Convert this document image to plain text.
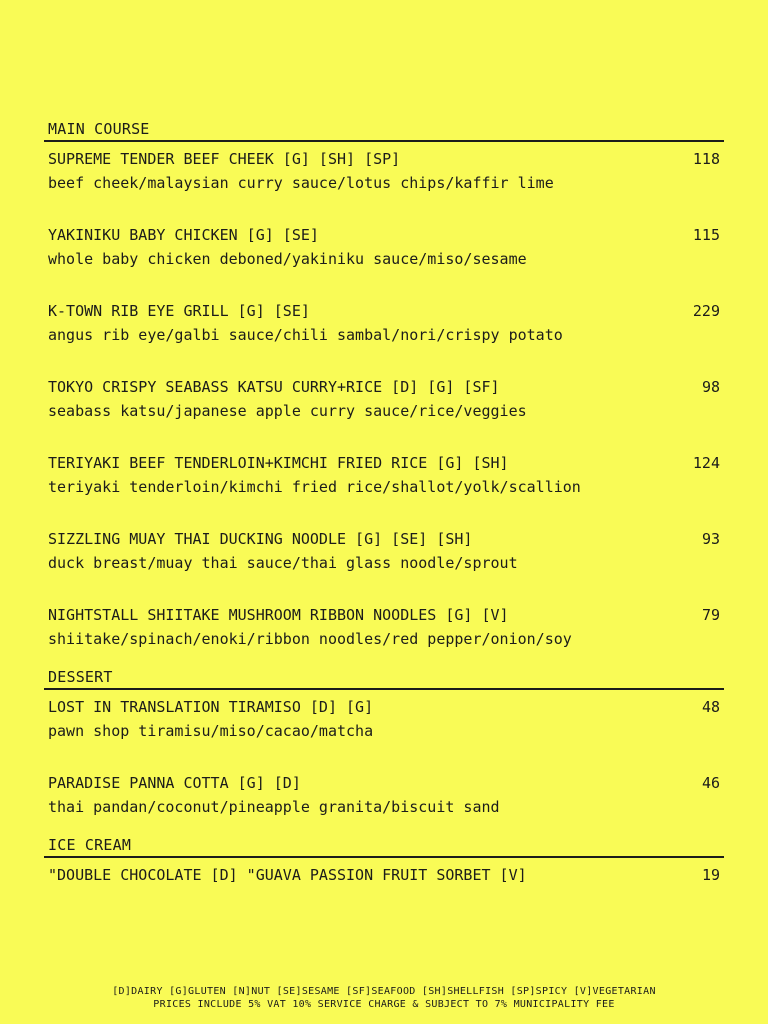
MAIN COURSE
SUPREME TENDER BEEF CHEEK [G] [SH] [SP]
beef cheek/malaysian curry sauce/lotus chips/kaffir lime
118
YAKINIKU BABY CHICKEN [G] [SE]
whole baby chicken deboned/yakiniku sauce/miso/sesame
115
K-TOWN RIB EYE GRILL [G] [SE]
angus rib eye/galbi sauce/chili sambal/nori/crispy potato
229
TOKYO CRISPY SEABASS KATSU CURRY+RICE [D] [G] [SF]
seabass katsu/japanese apple curry sauce/rice/veggies
98
TERIYAKI BEEF TENDERLOIN+KIMCHI FRIED RICE [G] [SH]
teriyaki tenderloin/kimchi fried rice/shallot/yolk/scallion
124
SIZZLING MUAY THAI DUCKING NOODLE [G] [SE] [SH]
duck breast/muay thai sauce/thai glass noodle/sprout
93
NIGHTSTALL SHIITAKE MUSHROOM RIBBON NOODLES [G] [V]
shiitake/spinach/enoki/ribbon noodles/red pepper/onion/soy
79
DESSERT
LOST IN TRANSLATION TIRAMISO [D] [G]
pawn shop tiramisu/miso/cacao/matcha
48
PARADISE PANNA COTTA [G] [D]
thai pandan/coconut/pineapple granita/biscuit sand
46
ICE CREAM
"DOUBLE CHOCOLATE [D] "GUAVA PASSION FRUIT SORBET [V]	19
[D]DAIRY [G]GLUTEN [N]NUT [SE]SESAME [SF]SEAFOOD [SH]SHELLFISH [SP]SPICY [V]VEGETARIAN
PRICES INCLUDE 5% VAT 10% SERVICE CHARGE & SUBJECT TO 7% MUNICIPALITY FEE
